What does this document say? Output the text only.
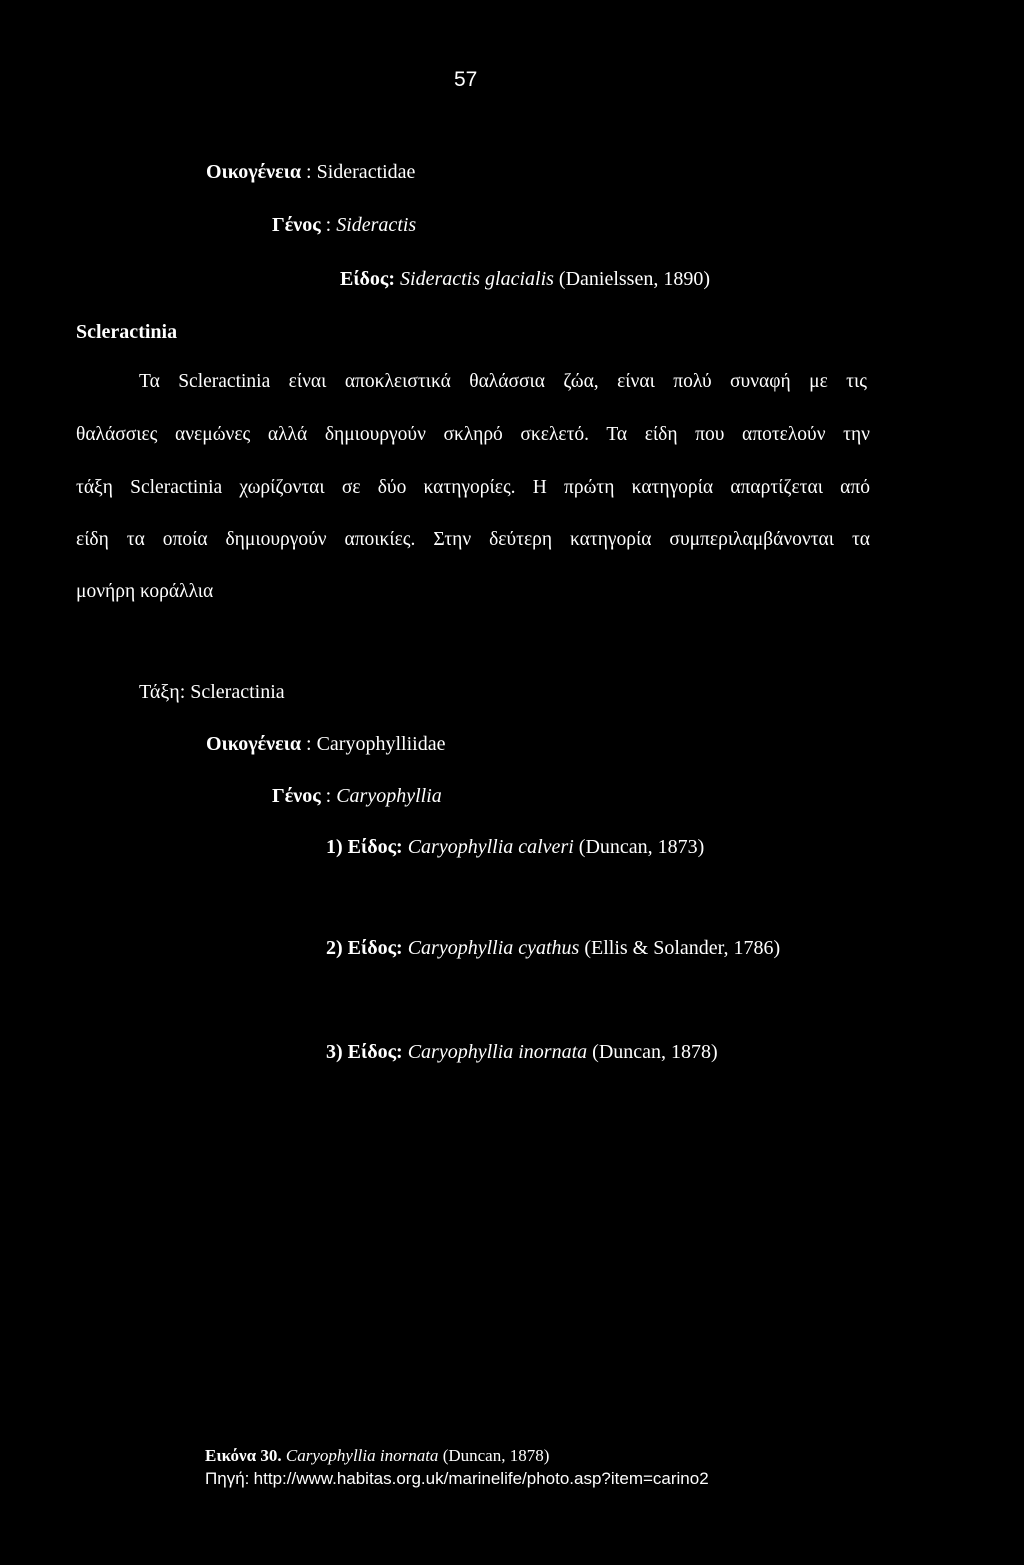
57
Οικογένεια : Sideractidae
Γένος : Sideractis
Είδος: Sideractis glacialis (Danielssen, 1890)
Scleractinia
Τα Scleractinia είναι αποκλειστικά θαλάσσια ζώα, είναι πολύ συναφή με τις
θαλάσσιες ανεμώνες αλλά δημιουργούν σκληρό σκελετό. Τα είδη που αποτελούν την
τάξη Scleractinia χωρίζονται σε δύο κατηγορίες. Η πρώτη κατηγορία απαρτίζεται από
είδη τα οποία δημιουργούν αποικίες. Στην δεύτερη κατηγορία συμπεριλαμβάνονται τα
μονήρη κοράλλια
Τάξη: Scleractinia
Οικογένεια : Caryophylliidae
Γένος : Caryophyllia
1) Είδος: Caryophyllia calveri (Duncan, 1873)
2) Είδος: Caryophyllia cyathus (Ellis & Solander, 1786)
3) Είδος: Caryophyllia inornata (Duncan, 1878)
Εικόνα 30. Caryophyllia inornata (Duncan, 1878)
Πηγή: http://www.habitas.org.uk/marinelife/photo.asp?item=carino2
